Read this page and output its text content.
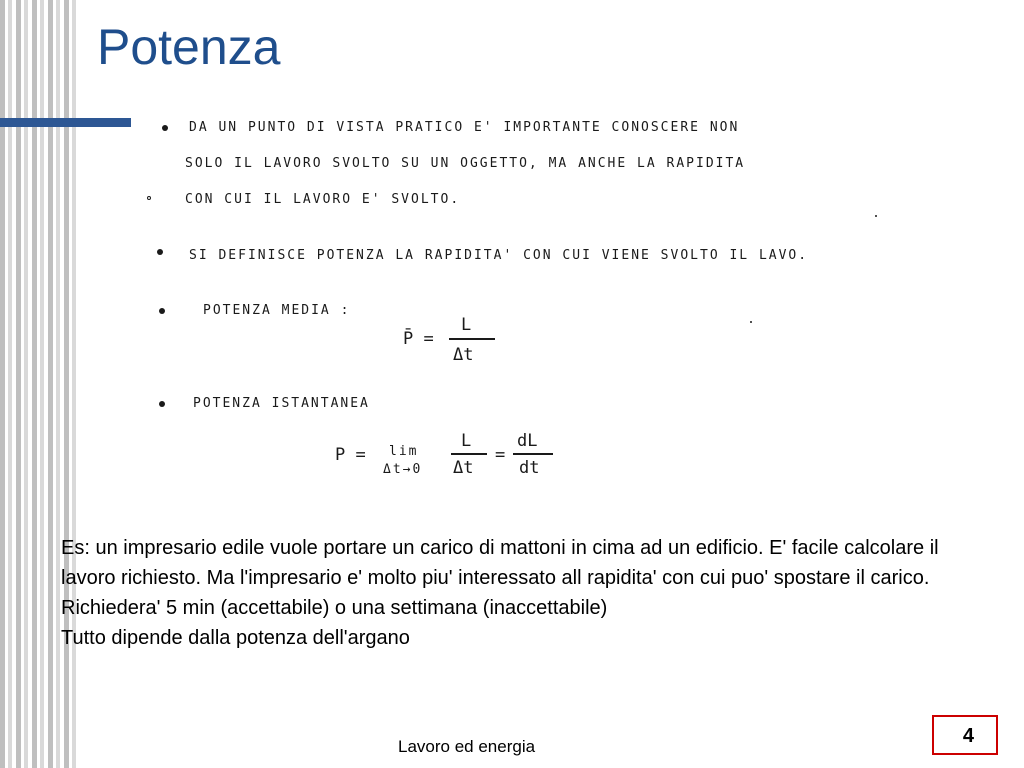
Potenza
DA UN PUNTO DI VISTA PRATICO E' IMPORTANTE CONOSCERE NON
SOLO IL LAVORO SVOLTO SU UN OGGETTO, MA ANCHE LA RAPIDITA
CON CUI IL LAVORO E' SVOLTO.
SI DEFINISCE POTENZA LA RAPIDITA' CON CUI VIENE SVOLTO IL LAVO.
POTENZA MEDIA :
P̄ =
L
Δt
POTENZA ISTANTANEA
P = lim
Δt→0
L
Δt
=
dL
dt

Es: un impresario edile vuole portare un carico di mattoni in cima ad un edificio. E' facile calcolare il lavoro richiesto. Ma l'impresario e' molto piu' interessato all rapidita' con cui puo' spostare il carico. Richiedera' 5 min (accettabile) o una settimana (inaccettabile)

Tutto dipende dalla potenza dell'argano

Lavoro ed energia	4
